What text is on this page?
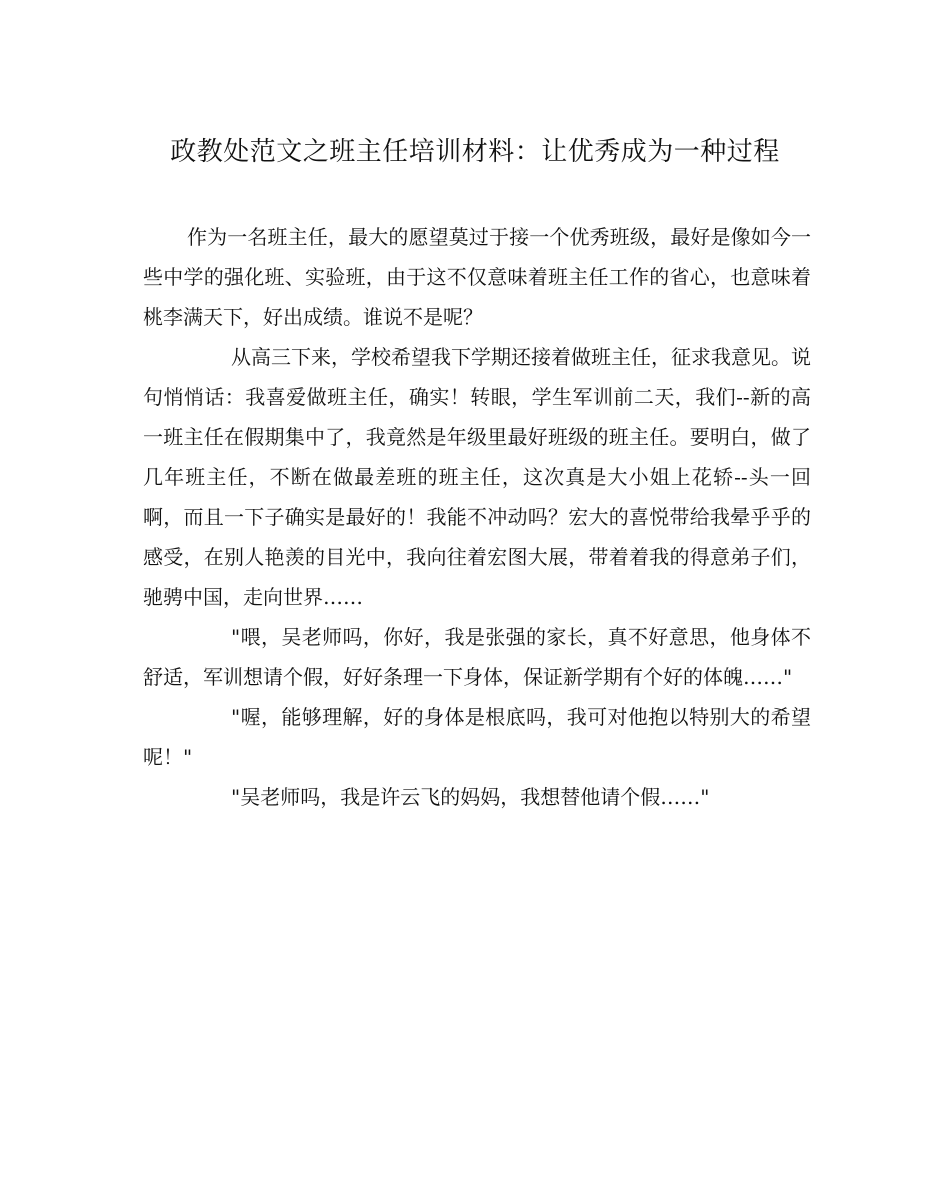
政教处范文之班主任培训材料：让优秀成为一种过程

作为一名班主任，最大的愿望莫过于接一个优秀班级，最好是像如今一些中学的强化班、实验班，由于这不仅意味着班主任工作的省心，也意味着桃李满天下，好出成绩。谁说不是呢？

从高三下来，学校希望我下学期还接着做班主任，征求我意见。说句悄悄话：我喜爱做班主任，确实！转眼，学生军训前二天，我们--新的高一班主任在假期集中了，我竟然是年级里最好班级的班主任。要明白，做了几年班主任，不断在做最差班的班主任，这次真是大小姐上花轿--头一回啊，而且一下子确实是最好的！我能不冲动吗？宏大的喜悦带给我晕乎乎的感受，在别人艳羡的目光中，我向往着宏图大展，带着着我的得意弟子们，驰骋中国，走向世界……

"喂，吴老师吗，你好，我是张强的家长，真不好意思，他身体不舒适，军训想请个假，好好条理一下身体，保证新学期有个好的体魄……"

"喔，能够理解，好的身体是根底吗，我可对他抱以特别大的希望呢！"

"吴老师吗，我是许云飞的妈妈，我想替他请个假……"
